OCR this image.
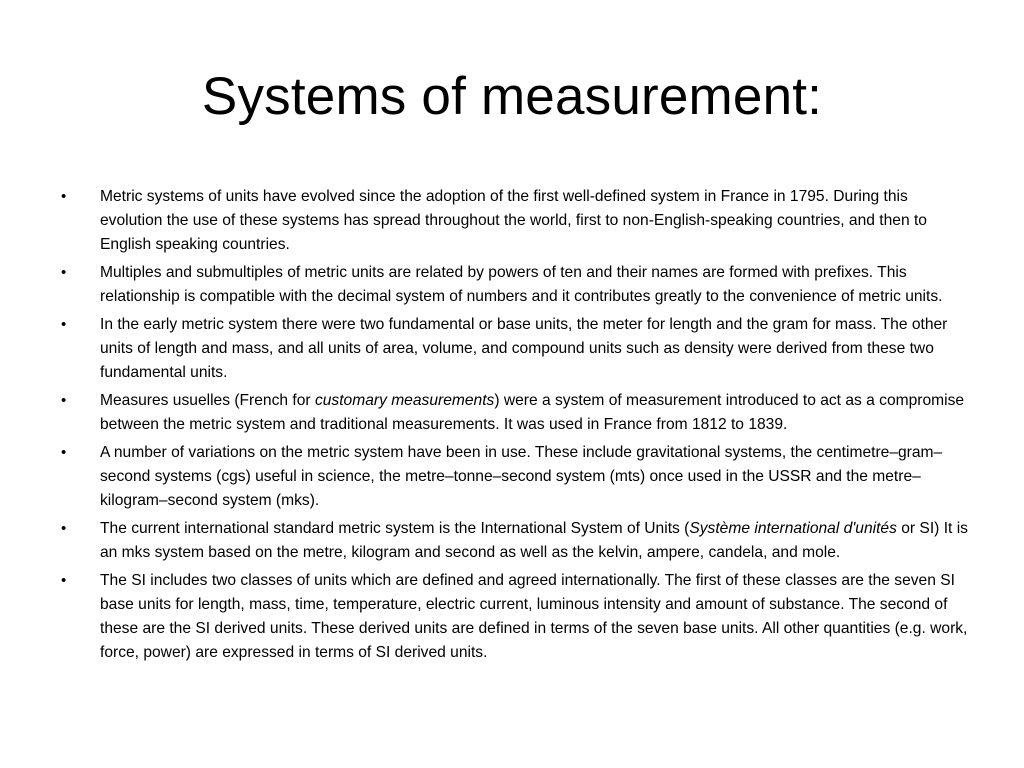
Systems of measurement:
•	Metric systems of units have evolved since the adoption of the first well-defined system in France in 1795. During this evolution the use of these systems has spread throughout the world, first to non-English-speaking countries, and then to English speaking countries.
•	Multiples and submultiples of metric units are related by powers of ten and their names are formed with prefixes. This relationship is compatible with the decimal system of numbers and it contributes greatly to the convenience of metric units.
•	In the early metric system there were two fundamental or base units, the meter for length and the gram for mass. The other units of length and mass, and all units of area, volume, and compound units such as density were derived from these two fundamental units.
•	Measures usuelles (French for customary measurements) were a system of measurement introduced to act as a compromise between the metric system and traditional measurements. It was used in France from 1812 to 1839.
•	A number of variations on the metric system have been in use. These include gravitational systems, the centimetre–gram–second systems (cgs) useful in science, the metre–tonne–second system (mts) once used in the USSR and the metre–kilogram–second system (mks).
•	The current international standard metric system is the International System of Units (Système international d'unités or SI) It is an mks system based on the metre, kilogram and second as well as the kelvin, ampere, candela, and mole.
•	The SI includes two classes of units which are defined and agreed internationally. The first of these classes are the seven SI base units for length, mass, time, temperature, electric current, luminous intensity and amount of substance. The second of these are the SI derived units. These derived units are defined in terms of the seven base units. All other quantities (e.g. work, force, power) are expressed in terms of SI derived units.
